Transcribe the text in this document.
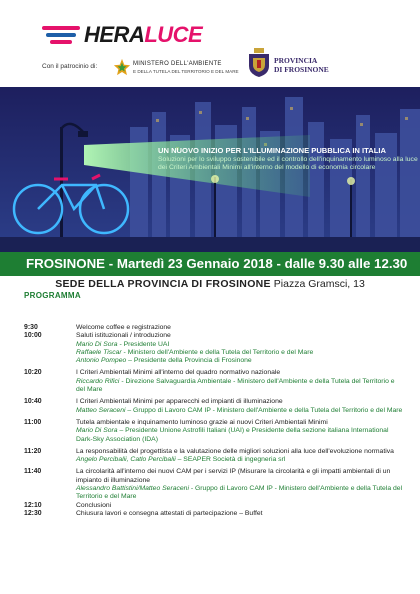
HERALUCE
Con il patrocinio di:	MINISTERO DELL'AMBIENTE
E DELLA TUTELA DEL TERRITORIO E DEL MARE
PROVINCIA
DI FROSINONE
UN NUOVO INIZIO PER L'ILLUMINAZIONE PUBBLICA IN ITALIA
Soluzioni per lo sviluppo sostenibile ed il controllo dell'inquinamento luminoso alla luce dei Criteri Ambientali Minimi all'interno del modello di economia circolare
FROSINONE - Martedì 23 Gennaio 2018 - dalle 9.30 alle 12.30
SEDE DELLA PROVINCIA DI FROSINONE Piazza Gramsci, 13
PROGRAMMA
9:30	Welcome coffee e registrazione
10:00	Saluti istituzionali / introduzione
Mario Di Sora - Presidente UAI
Raffaele Tiscar - Ministero dell'Ambiente e della Tutela del Territorio e del Mare
Antonio Pompeo – Presidente della Provincia di Frosinone
10:20	I Criteri Ambientali Minimi all'interno del quadro normativo nazionale
Riccardo Rifici - Direzione Salvaguardia Ambientale - Ministero dell'Ambiente e della Tutela del Territorio e del Mare
10:40	I Criteri Ambientali Minimi per apparecchi ed impianti di illuminazione
Matteo Seraceni – Gruppo di Lavoro CAM IP - Ministero dell'Ambiente e della Tutela del Territorio e del Mare
11:00	Tutela ambientale e inquinamento luminoso grazie ai nuovi Criteri Ambientali Minimi
Mario Di Sora – Presidente Unione Astrofili Italiani (UAI) e Presidente della sezione italiana International Dark-Sky Association (IDA)
11:20	La responsabilità del progettista e la valutazione delle migliori soluzioni alla luce dell'evoluzione normativa
Angelo Percibalii, Catlo Percibalii – SEAPER Società di ingegneria srl
11:40	La circolarità all'interno dei nuovi CAM per i servizi IP (Misurare la circolarità e gli impatti ambientali di un impianto di illuminazione
Alessandro Battistini/Matteo Seraceni - Gruppo di Lavoro CAM IP - Ministero dell'Ambiente e della Tutela del Territorio e del Mare
12:10	Conclusioni
12:30	Chiusura lavori e consegna attestati di partecipazione – Buffet
